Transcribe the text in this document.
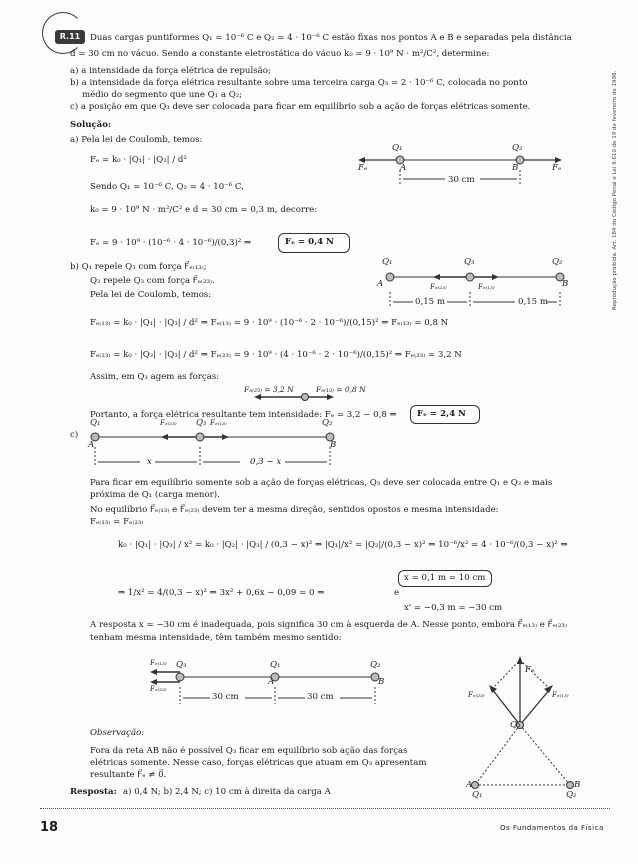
R.11	Duas cargas puntiformes Q₁ = 10⁻⁶ C e Q₂ = 4 · 10⁻⁶ C estão fixas nos pontos A e B e separadas pela distância
d = 30 cm no vácuo. Sendo a constante eletrostática do vácuo k₀ = 9 · 10⁹ N · m²/C², determine:
a) a intensidade da força elétrica de repulsão;
b) a intensidade da força elétrica resultante sobre uma terceira carga Q₃ = 2 · 10⁻⁶ C, colocada no ponto
médio do segmento que une Q₁ a Q₂;
c) a posição em que Q₃ deve ser colocada para ficar em equilíbrio sob a ação de forças elétricas somente.
Solução:
a) Pela lei de Coulomb, temos:
Fₑ = k₀ · |Q₁| · |Q₂| / d²
Sendo Q₁ = 10⁻⁶ C, Q₂ = 4 · 10⁻⁶ C,
k₀ = 9 · 10⁹ N · m²/C² e d = 30 cm = 0,3 m, decorre:
Fₑ = 9 · 10⁹ · (10⁻⁶ · 4 · 10⁻⁶)/(0,3)² ⇒	Fₑ = 0,4 N
Q₁	Q₂
A	B
Fₑ	Fₑ
30 cm
b) Q₁ repele Q₃ com força F⃗ₑ₍₁₃₎;
Q₂ repele Q₃ com força F⃗ₑ₍₂₃₎.
Pela lei de Coulomb, temos:
Q₁	Q₃	Q₂
A	B
Fₑ₍₂₃₎	Fₑ₍₁₃₎
0,15 m	0,15 m
Fₑ₍₁₃₎ = k₀ · |Q₁| · |Q₃| / d² ⇒ Fₑ₍₁₃₎ = 9 · 10⁹ · (10⁻⁶ · 2 · 10⁻⁶)/(0,15)² ⇒ Fₑ₍₁₃₎ = 0,8 N
Fₑ₍₂₃₎ = k₀ · |Q₂| · |Q₃| / d² ⇒ Fₑ₍₂₃₎ = 9 · 10⁹ · (4 · 10⁻⁶ · 2 · 10⁻⁶)/(0,15)² ⇒ Fₑ₍₂₃₎ = 3,2 N
Assim, em Q₃ agem as forças:
Fₑ₍₂₃₎ = 3,2 N	Fₑ₍₁₃₎ = 0,8 N
Portanto, a força elétrica resultante tem intensidade: Fₑ = 3,2 − 0,8 ⇒ Fₑ = 2,4 N
c)
Q₁	Q₃	Q₂
A	B
Fₑ₍₂₃₎	Fₑ₍₁₃₎
x	0,3 − x
Para ficar em equilíbrio somente sob a ação de forças elétricas, Q₃ deve ser colocada entre Q₁ e Q₂ e mais
próxima de Q₁ (carga menor).
No equilíbrio F⃗ₑ₍₁₃₎ e F⃗ₑ₍₂₃₎ devem ter a mesma direção, sentidos opostos e mesma intensidade:
Fₑ₍₁₃₎ = Fₑ₍₂₃₎
k₀ · |Q₁| · |Q₃| / x² = k₀ · |Q₂| · |Q₃| / (0,3 − x)² ⇒ |Q₁|/x² = |Q₂|/(0,3 − x)² ⇒ 10⁻⁶/x² = 4 · 10⁻⁶/(0,3 − x)² ⇒
⇒ 1/x² = 4/(0,3 − x)² ⇒ 3x² + 0,6x − 0,09 = 0 ⇒
x = 0,1 m = 10 cm
e
x' = −0,3 m = −30 cm
A resposta x = −30 cm é inadequada, pois significa 30 cm à esquerda de A. Nesse ponto, embora F⃗ₑ₍₁₃₎ e F⃗ₑ₍₂₃₎
tenham mesma intensidade, têm também mesmo sentido:
Fₑ₍₁₃₎
Fₑ₍₂₃₎
Q₃	Q₁	Q₂
A	B
30 cm	30 cm
Fₑ
Fₑ₍₂₃₎	Fₑ₍₁₃₎
Q₃
A	B
Q₁	Q₂
Observação:
Fora da reta AB não é possível Q₃ ficar em equilíbrio sob ação das forças
elétricas somente. Nesse caso, forças elétricas que atuam em Q₃ apresentam
resultante F⃗ₑ ≠ 0⃗.
Resposta: a) 0,4 N; b) 2,4 N; c) 10 cm à direita da carga A
18	Os Fundamentos da Física
Reprodução proibida. Art. 184 do Código Penal e Lei 9.610 de 19 de fevereiro de 1998.
